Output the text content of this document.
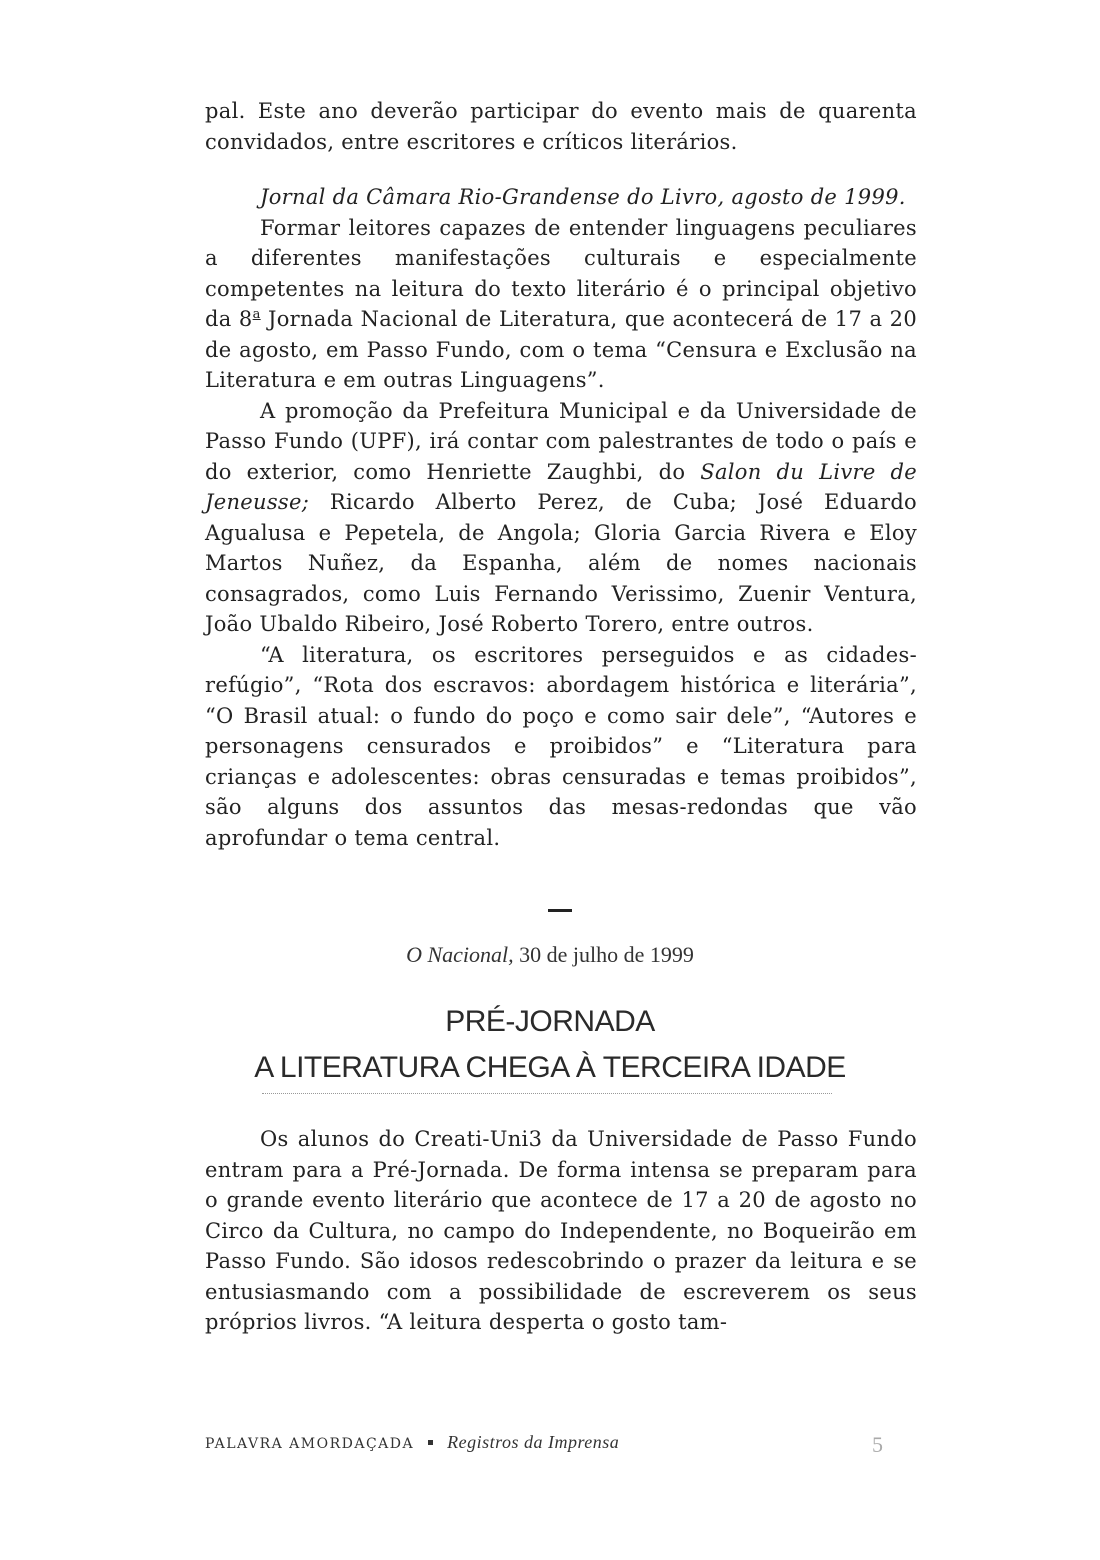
pal. Este ano deverão participar do evento mais de quarenta convidados, entre escritores e críticos literários.

Jornal da Câmara Rio-Grandense do Livro, agosto de 1999.

Formar leitores capazes de entender linguagens peculiares a diferentes manifestações culturais e especialmente competentes na leitura do texto literário é o principal objetivo da 8$^a$ Jornada Nacional de Literatura, que acontecerá de 17 a 20 de agosto, em Passo Fundo, com o tema “Censura e Exclusão na Literatura e em outras Linguagens”.

A promoção da Prefeitura Municipal e da Universidade de Passo Fundo (UPF), irá contar com palestrantes de todo o país e do exterior, como Henriette Zaughbi, do Salon du Livre de Jeneusse; Ricardo Alberto Perez, de Cuba; José Eduardo Agualusa e Pepetela, de Angola; Gloria Garcia Rivera e Eloy Martos Nuñez, da Espanha, além de nomes nacionais consagrados, como Luis Fernando Verissimo, Zuenir Ventura, João Ubaldo Ribeiro, José Roberto Torero, entre outros.

“A literatura, os escritores perseguidos e as cidades-refúgio”, “Rota dos escravos: abordagem histórica e literária”, “O Brasil atual: o fundo do poço e como sair dele”, “Autores e personagens censurados e proibidos” e “Literatura para crianças e adolescentes: obras censuradas e temas proibidos”, são alguns dos assuntos das mesas-redondas que vão aprofundar o tema central.

O Nacional, 30 de julho de 1999
PRÉ-JORNADA
A LITERATURA CHEGA À TERCEIRA IDADE

Os alunos do Creati-Uni3 da Universidade de Passo Fundo entram para a Pré-Jornada. De forma intensa se preparam para o grande evento literário que acontece de 17 a 20 de agosto no Circo da Cultura, no campo do Independente, no Boqueirão em Passo Fundo. São idosos redescobrindo o prazer da leitura e se entusiasmando com a possibilidade de escreverem os seus próprios livros. “A leitura desperta o gosto tam-

PALAVRA AMORDAÇADA Registros da Imprensa	5
